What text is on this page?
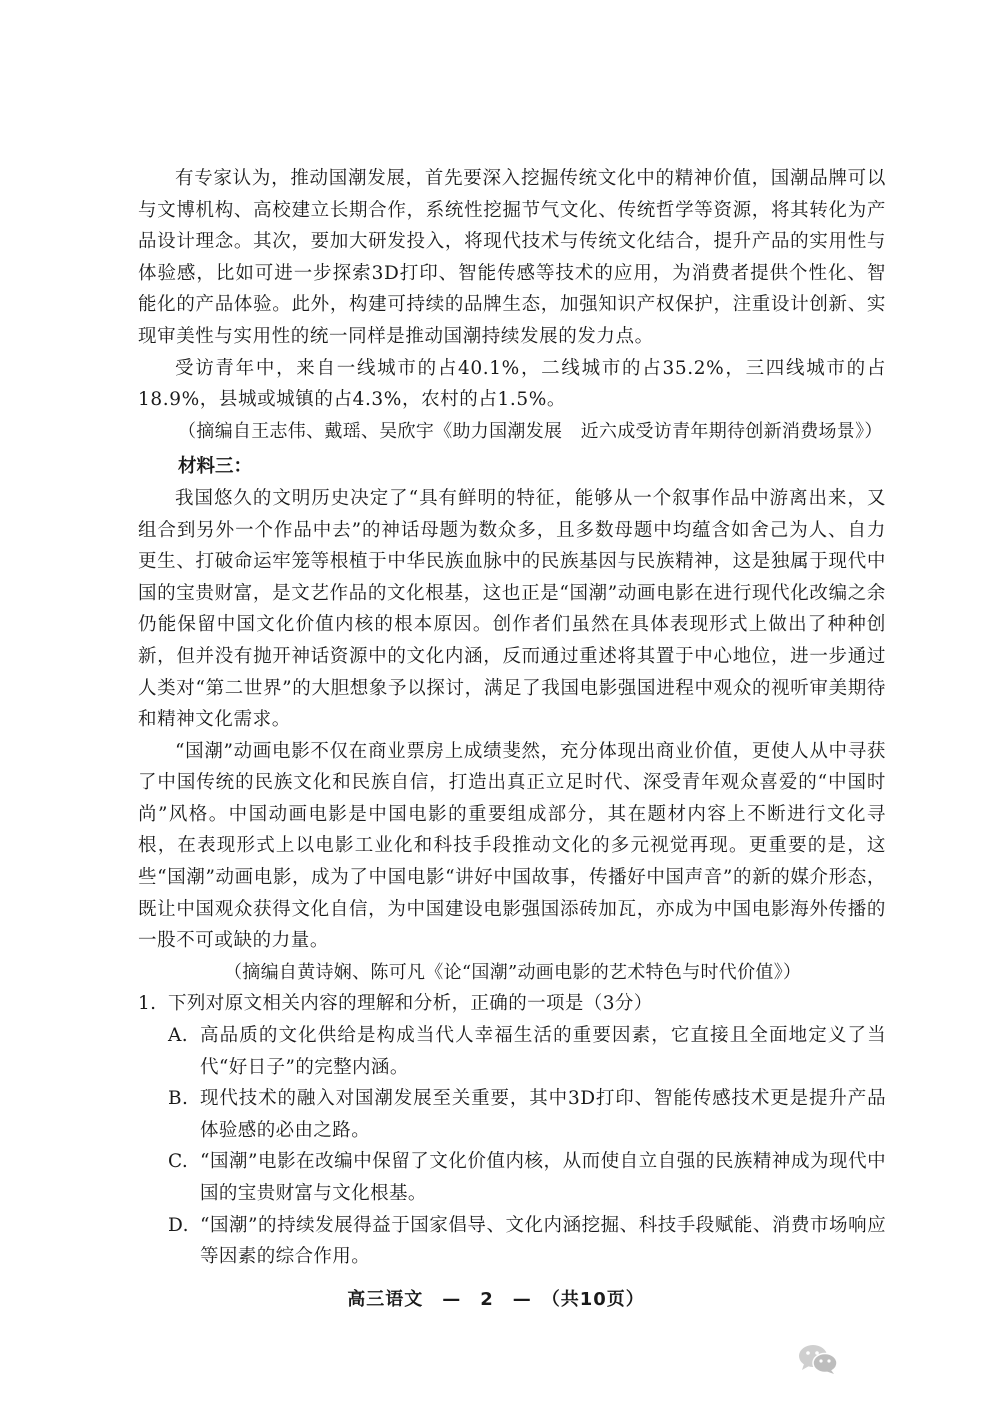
有专家认为，推动国潮发展，首先要深入挖掘传统文化中的精神价值，国潮品牌可以与文博机构、高校建立长期合作，系统性挖掘节气文化、传统哲学等资源，将其转化为产品设计理念。其次，要加大研发投入，将现代技术与传统文化结合，提升产品的实用性与体验感，比如可进一步探索3D打印、智能传感等技术的应用，为消费者提供个性化、智能化的产品体验。此外，构建可持续的品牌生态，加强知识产权保护，注重设计创新、实现审美性与实用性的统一同样是推动国潮持续发展的发力点。

受访青年中，来自一线城市的占40.1%，二线城市的占35.2%，三四线城市的占18.9%，县城或城镇的占4.3%，农村的占1.5%。

（摘编自王志伟、戴瑶、吴欣宇《助力国潮发展　近六成受访青年期待创新消费场景》）

材料三：

我国悠久的文明历史决定了“具有鲜明的特征，能够从一个叙事作品中游离出来，又组合到另外一个作品中去”的神话母题为数众多，且多数母题中均蕴含如舍己为人、自力更生、打破命运牢笼等根植于中华民族血脉中的民族基因与民族精神，这是独属于现代中国的宝贵财富，是文艺作品的文化根基，这也正是“国潮”动画电影在进行现代化改编之余仍能保留中国文化价值内核的根本原因。创作者们虽然在具体表现形式上做出了种种创新，但并没有抛开神话资源中的文化内涵，反而通过重述将其置于中心地位，进一步通过人类对“第二世界”的大胆想象予以探讨，满足了我国电影强国进程中观众的视听审美期待和精神文化需求。

“国潮”动画电影不仅在商业票房上成绩斐然，充分体现出商业价值，更使人从中寻获了中国传统的民族文化和民族自信，打造出真正立足时代、深受青年观众喜爱的“中国时尚”风格。中国动画电影是中国电影的重要组成部分，其在题材内容上不断进行文化寻根，在表现形式上以电影工业化和科技手段推动文化的多元视觉再现。更重要的是，这些“国潮”动画电影，成为了中国电影“讲好中国故事，传播好中国声音”的新的媒介形态，既让中国观众获得文化自信，为中国建设电影强国添砖加瓦，亦成为中国电影海外传播的一股不可或缺的力量。

（摘编自黄诗娴、陈可凡《论“国潮”动画电影的艺术特色与时代价值》）

1. 下列对原文相关内容的理解和分析，正确的一项是（3分）
A. 高品质的文化供给是构成当代人幸福生活的重要因素，它直接且全面地定义了当代“好日子”的完整内涵。
B. 现代技术的融入对国潮发展至关重要，其中3D打印、智能传感技术更是提升产品体验感的必由之路。
C. “国潮”电影在改编中保留了文化价值内核，从而使自立自强的民族精神成为现代中国的宝贵财富与文化根基。
D. “国潮”的持续发展得益于国家倡导、文化内涵挖掘、科技手段赋能、消费市场响应等因素的综合作用。
高三语文　—　2　—　（共10页）
